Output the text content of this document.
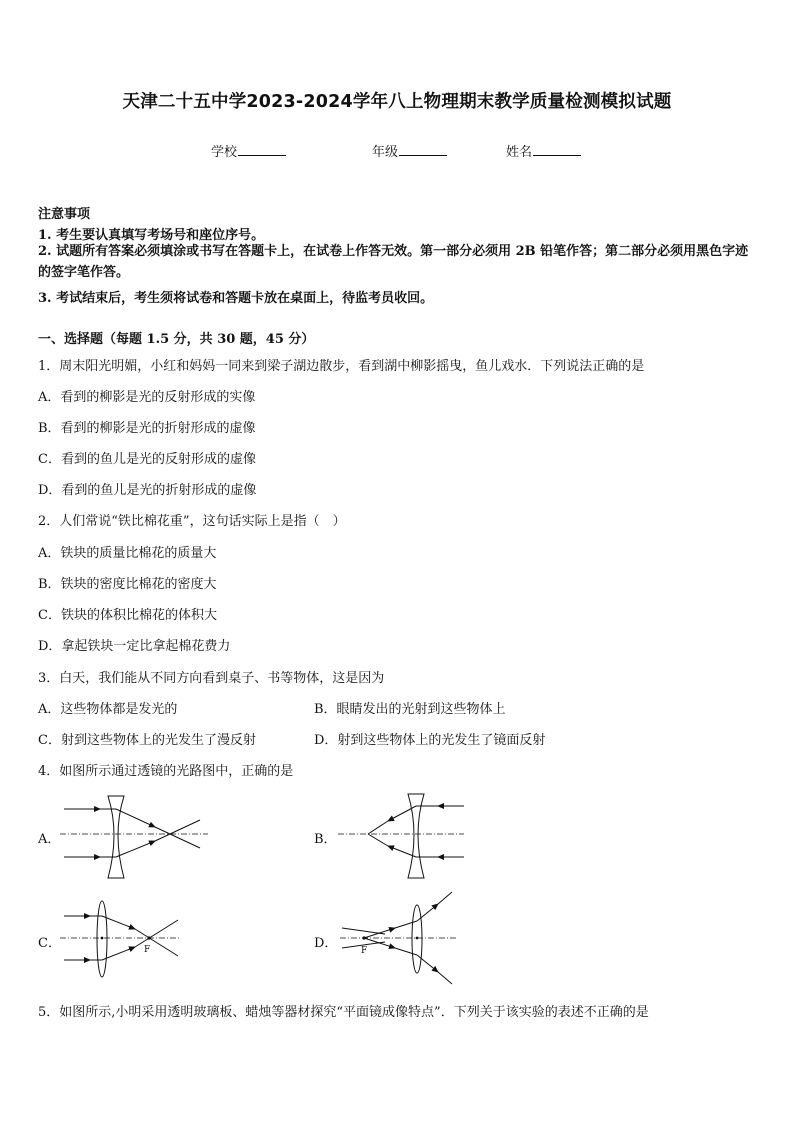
天津二十五中学2023-2024学年八上物理期末教学质量检测模拟试题
学校	年级	姓名
注意事项
1. 考生要认真填写考场号和座位序号。
2. 试题所有答案必须填涂或书写在答题卡上，在试卷上作答无效。第一部分必须用 2B 铅笔作答；第二部分必须用黑色字迹的签字笔作答。
3. 考试结束后，考生须将试卷和答题卡放在桌面上，待监考员收回。
一、选择题（每题 1.5 分，共 30 题，45 分）
1．周末阳光明媚，小红和妈妈一同来到梁子湖边散步，看到湖中柳影摇曳，鱼儿戏水．下列说法正确的是
A．看到的柳影是光的反射形成的实像
B．看到的柳影是光的折射形成的虚像
C．看到的鱼儿是光的反射形成的虚像
D．看到的鱼儿是光的折射形成的虚像
2．人们常说“铁比棉花重”，这句话实际上是指（　）
A．铁块的质量比棉花的质量大
B．铁块的密度比棉花的密度大
C．铁块的体积比棉花的体积大
D．拿起铁块一定比拿起棉花费力
3．白天，我们能从不同方向看到桌子、书等物体，这是因为
A．这些物体都是发光的	B．眼睛发出的光射到这些物体上
C．射到这些物体上的光发生了漫反射	D．射到这些物体上的光发生了镜面反射
4．如图所示通过透镜的光路图中，正确的是
A．	B．
C．	F	D．	F
5．如图所示,小明采用透明玻璃板、蜡烛等器材探究“平面镜成像特点”．下列关于该实验的表述不正确的是
